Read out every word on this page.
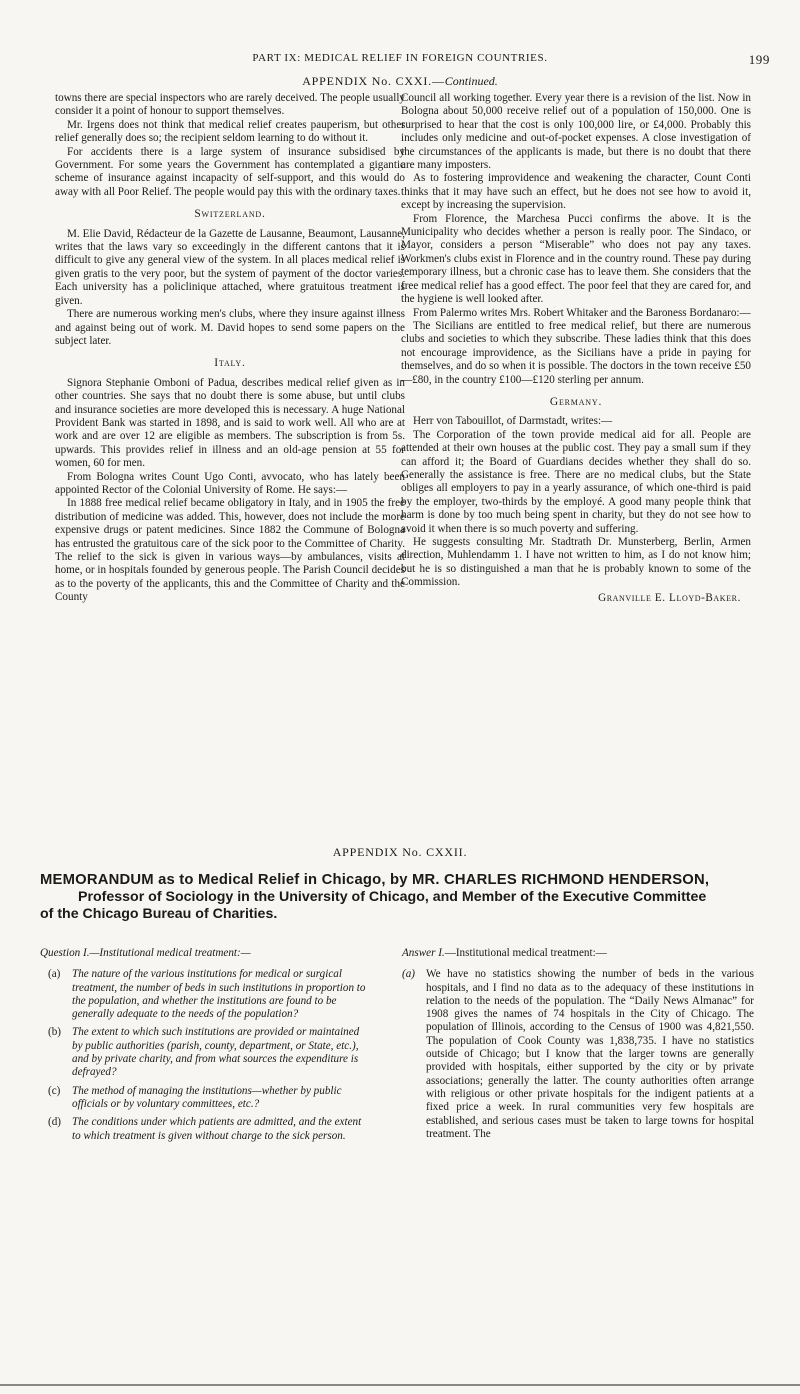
PART IX: MEDICAL RELIEF IN FOREIGN COUNTRIES.	199
APPENDIX No. CXXI.—Continued.

towns there are special inspectors who are rarely deceived. The people usually consider it a point of honour to support themselves.

Mr. Irgens does not think that medical relief creates pauperism, but other relief generally does so; the recipient seldom learning to do without it.

For accidents there is a large system of insurance subsidised by Government. For some years the Government has contemplated a gigantic scheme of insurance against incapacity of self-support, and this would do away with all Poor Relief. The people would pay this with the ordinary taxes.

Switzerland.

M. Elie David, Rédacteur de la Gazette de Lausanne, Beaumont, Lausanne, writes that the laws vary so exceedingly in the different cantons that it is difficult to give any general view of the system. In all places medical relief is given gratis to the very poor, but the system of payment of the doctor varies. Each university has a policlinique attached, where gratuitous treatment is given.

There are numerous working men's clubs, where they insure against illness and against being out of work. M. David hopes to send some papers on the subject later.

Italy.

Signora Stephanie Omboni of Padua, describes medical relief given as in other countries. She says that no doubt there is some abuse, but until clubs and insurance societies are more developed this is necessary. A huge National Provident Bank was started in 1898, and is said to work well. All who are at work and are over 12 are eligible as members. The subscription is from 5s. upwards. This provides relief in illness and an old-age pension at 55 for women, 60 for men.

From Bologna writes Count Ugo Conti, avvocato, who has lately been appointed Rector of the Colonial University of Rome. He says:—

In 1888 free medical relief became obligatory in Italy, and in 1905 the free distribution of medicine was added. This, however, does not include the more expensive drugs or patent medicines. Since 1882 the Commune of Bologna has entrusted the gratuitous care of the sick poor to the Committee of Charity. The relief to the sick is given in various ways—by ambulances, visits at home, or in hospitals founded by generous people. The Parish Council decides as to the poverty of the applicants, this and the Committee of Charity and the County

Council all working together. Every year there is a revision of the list. Now in Bologna about 50,000 receive relief out of a population of 150,000. One is surprised to hear that the cost is only 100,000 lire, or £4,000. Probably this includes only medicine and out-of-pocket expenses. A close investigation of the circumstances of the applicants is made, but there is no doubt that there are many imposters.

As to fostering improvidence and weakening the character, Count Conti thinks that it may have such an effect, but he does not see how to avoid it, except by increasing the supervision.

From Florence, the Marchesa Pucci confirms the above. It is the Municipality who decides whether a person is really poor. The Sindaco, or Mayor, considers a person “Miserable” who does not pay any taxes. Workmen's clubs exist in Florence and in the country round. These pay during temporary illness, but a chronic case has to leave them. She considers that the free medical relief has a good effect. The poor feel that they are cared for, and the hygiene is well looked after.

From Palermo writes Mrs. Robert Whitaker and the Baroness Bordanaro:—

The Sicilians are entitled to free medical relief, but there are numerous clubs and societies to which they subscribe. These ladies think that this does not encourage improvidence, as the Sicilians have a pride in paying for themselves, and do so when it is possible. The doctors in the town receive £50—£80, in the country £100—£120 sterling per annum.

Germany.

Herr von Tabouillot, of Darmstadt, writes:—

The Corporation of the town provide medical aid for all. People are attended at their own houses at the public cost. They pay a small sum if they can afford it; the Board of Guardians decides whether they shall do so. Generally the assistance is free. There are no medical clubs, but the State obliges all employers to pay in a yearly assurance, of which one-third is paid by the employer, two-thirds by the employé. A good many people think that harm is done by too much being spent in charity, but they do not see how to avoid it when there is so much poverty and suffering.

He suggests consulting Mr. Stadtrath Dr. Munsterberg, Berlin, Armen direction, Muhlendamm 1. I have not written to him, as I do not know him; but he is so distinguished a man that he is probably known to some of the Commission.

Granville E. Lloyd-Baker.

APPENDIX No. CXXII.
MEMORANDUM as to Medical Relief in Chicago, by MR. CHARLES RICHMOND HENDERSON,
Professor of Sociology in the University of Chicago, and Member of the Executive Committee
of the Chicago Bureau of Charities.

Question I.—Institutional medical treatment:—

(a) The nature of the various institutions for medical or surgical treatment, the number of beds in such institutions in proportion to the population, and whether the institutions are found to be generally adequate to the needs of the population?
(b) The extent to which such institutions are provided or maintained by public authorities (parish, county, department, or State, etc.), and by private charity, and from what sources the expenditure is defrayed?
(c) The method of managing the institutions—whether by public officials or by voluntary committees, etc.?
(d) The conditions under which patients are admitted, and the extent to which treatment is given without charge to the sick person.

Answer I.—Institutional medical treatment:—

(a) We have no statistics showing the number of beds in the various hospitals, and I find no data as to the adequacy of these institutions in relation to the needs of the population. The “Daily News Almanac” for 1908 gives the names of 74 hospitals in the City of Chicago. The population of Illinois, according to the Census of 1900 was 4,821,550. The population of Cook County was 1,838,735. I have no statistics outside of Chicago; but I know that the larger towns are generally provided with hospitals, either supported by the city or by private associations; generally the latter. The county authorities often arrange with religious or other private hospitals for the indigent patients at a fixed price a week. In rural communities very few hospitals are established, and serious cases must be taken to large towns for hospital treatment. The
